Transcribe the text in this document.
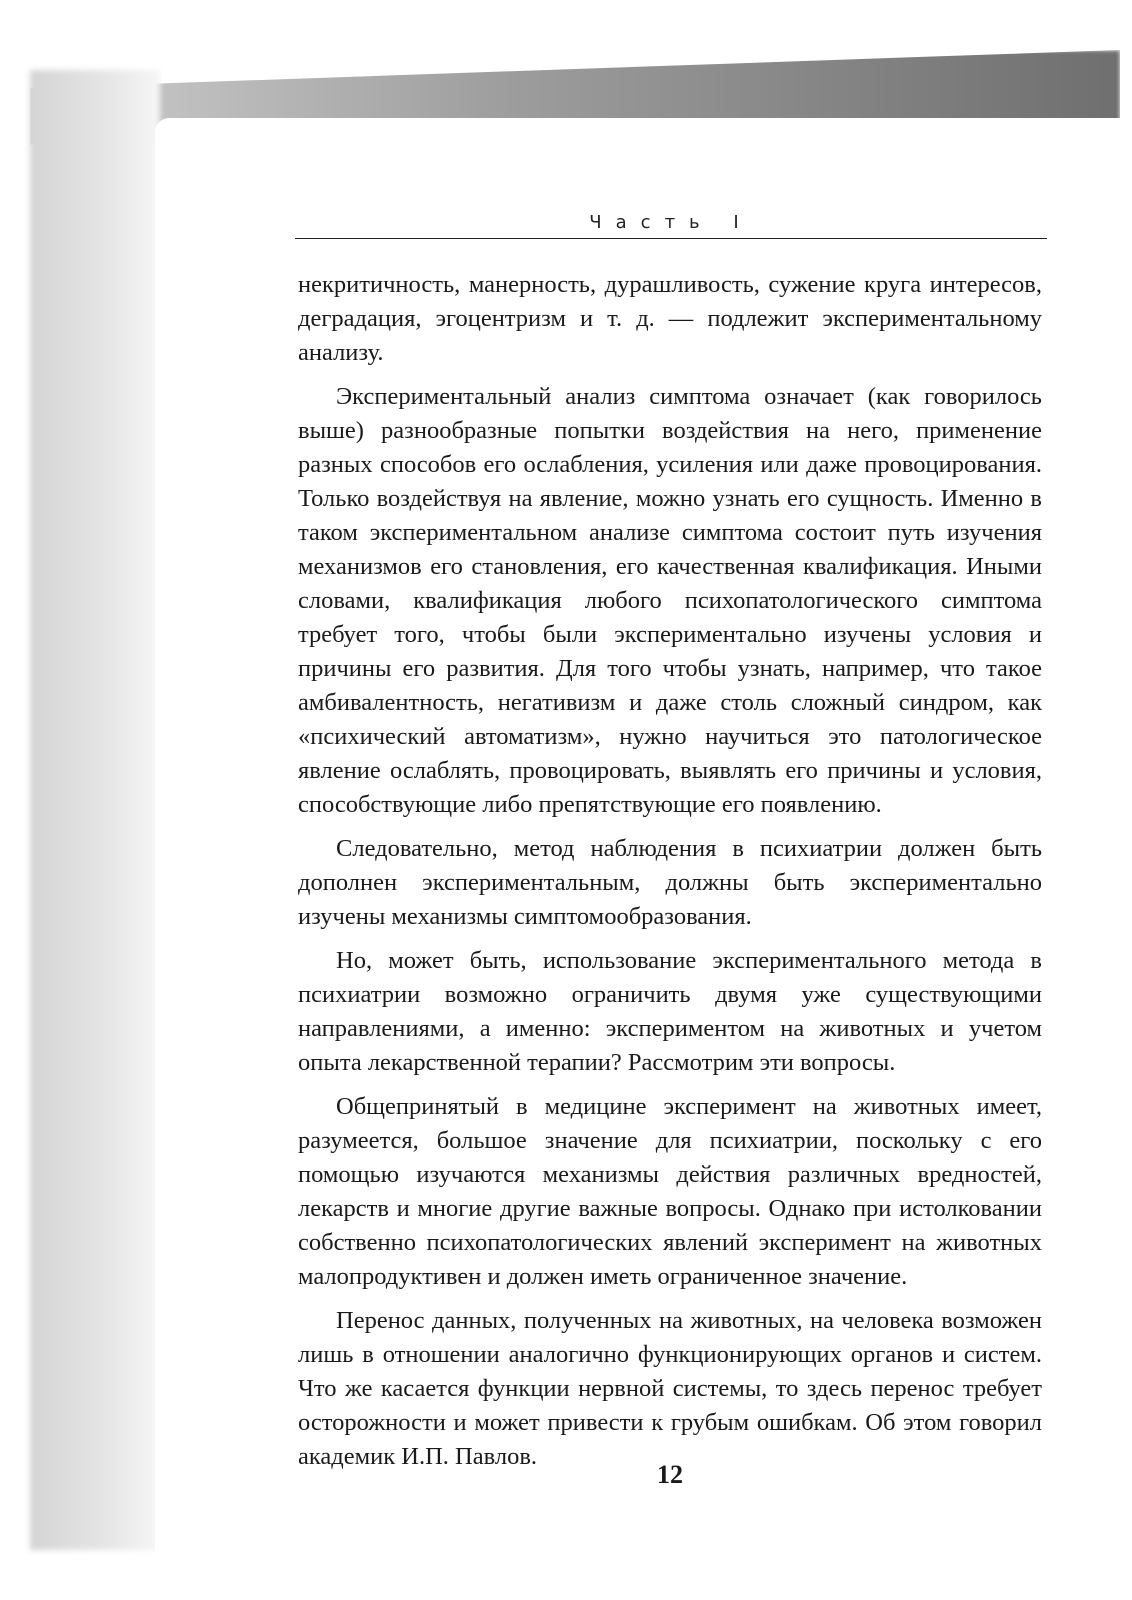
Часть I

некритичность, манерность, дурашливость, сужение круга интересов, деградация, эгоцентризм и т. д. — подлежит экспериментальному анализу.

Экспериментальный анализ симптома означает (как говорилось выше) разнообразные попытки воздействия на него, применение разных способов его ослабления, усиления или даже провоцирования. Только воздействуя на явление, можно узнать его сущность. Именно в таком экспериментальном анализе симптома состоит путь изучения механизмов его становления, его качественная квалификация. Иными словами, квалификация любого психопатологического симптома требует того, чтобы были экспериментально изучены условия и причины его развития. Для того чтобы узнать, например, что такое амбивалентность, негативизм и даже столь сложный синдром, как «психический автоматизм», нужно научиться это патологическое явление ослаблять, провоцировать, выявлять его причины и условия, способствующие либо препятствующие его появлению.

Следовательно, метод наблюдения в психиатрии должен быть дополнен экспериментальным, должны быть экспериментально изучены механизмы симптомообразования.

Но, может быть, использование экспериментального метода в психиатрии возможно ограничить двумя уже существующими направлениями, а именно: экспериментом на животных и учетом опыта лекарственной терапии? Рассмотрим эти вопросы.

Общепринятый в медицине эксперимент на животных имеет, разумеется, большое значение для психиатрии, поскольку с его помощью изучаются механизмы действия различных вредностей, лекарств и многие другие важные вопросы. Однако при истолковании собственно психопатологических явлений эксперимент на животных малопродуктивен и должен иметь ограниченное значение.

Перенос данных, полученных на животных, на человека возможен лишь в отношении аналогично функционирующих органов и систем. Что же касается функции нервной системы, то здесь перенос требует осторожности и может привести к грубым ошибкам. Об этом говорил академик И.П. Павлов.

12
